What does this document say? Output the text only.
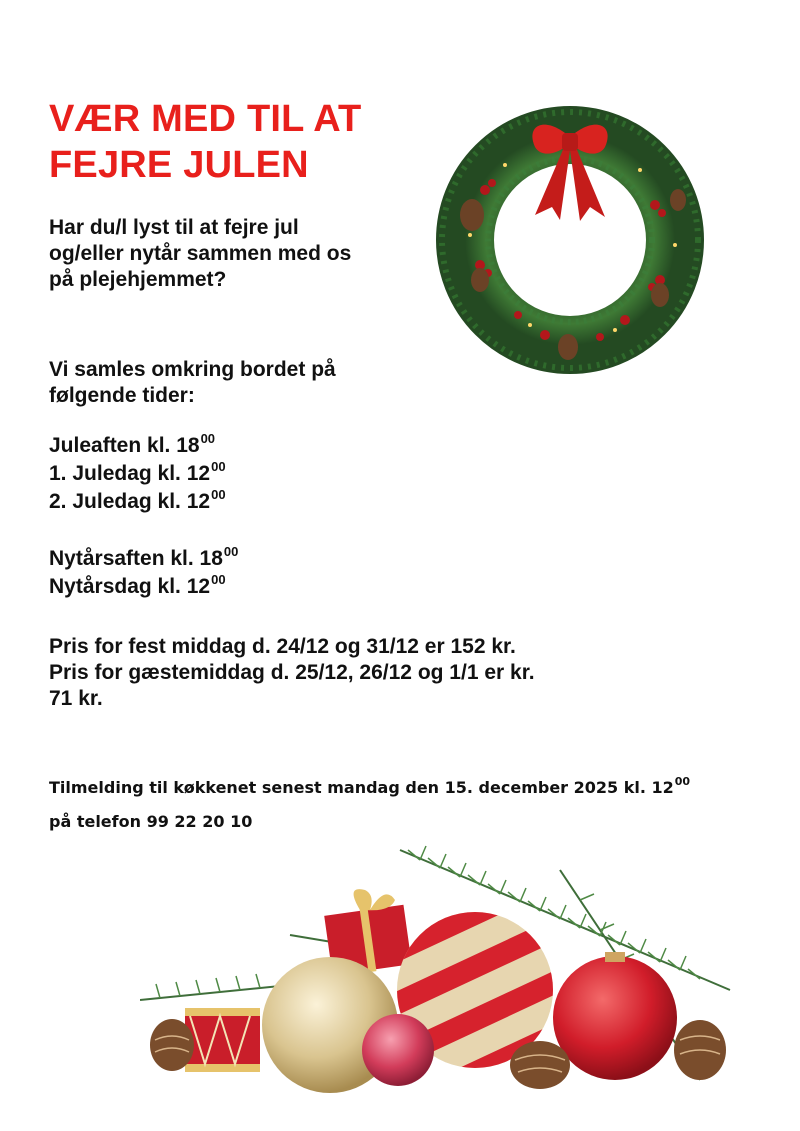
VÆR MED TIL AT
FEJRE JULEN
Har du/l lyst til at fejre jul
og/eller nytår sammen med os
på plejehjemmet?
Vi samles omkring bordet på
følgende tider:
Juleaften kl. $18^{00}$
1. Juledag kl. $12^{00}$
2. Juledag kl. $12^{00}$
Nytårsaften kl. $18^{00}$
Nytårsdag kl. $12^{00}$
Pris for fest middag d. 24/12 og 31/12 er 152 kr.
Pris for gæstemiddag d. 25/12, 26/12 og 1/1 er kr.
71 kr.
Tilmelding til køkkenet senest mandag den 15. december 2025 kl. $12^{00}$
på telefon 99 22 20 10
